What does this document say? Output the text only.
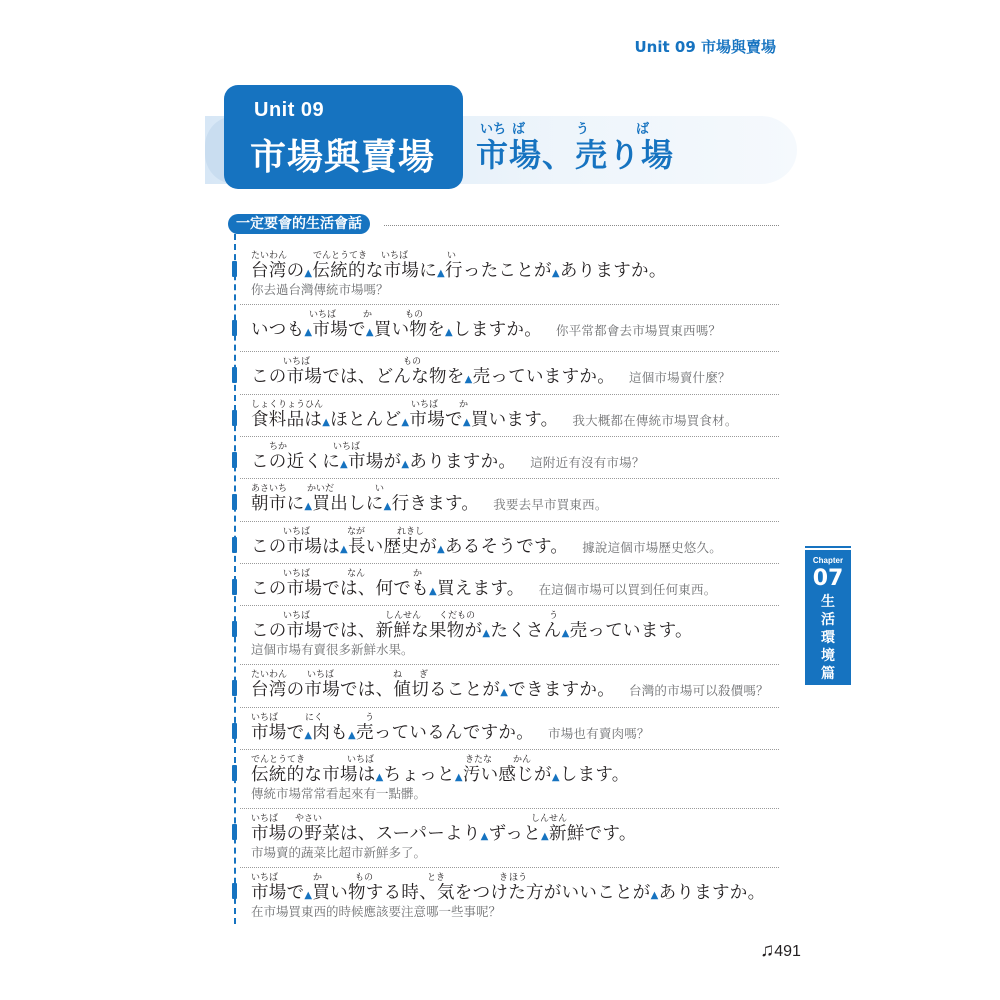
Unit 09 市場與賣場
Unit 09
市場與賣場
いち ば	う	ば
市場、売り場
一定要會的生活會話
たいわん	でんとうてき いちば	い
台湾の▲伝統的な市場に▲行ったことが▲ありますか。
你去過台灣傳統市場嗎？
いちば	か	もの
いつも▲市場で▲買い物を▲しますか。 你平常都會去市場買東西嗎？
いちば	もの
この市場では、どんな物を▲売っていますか。 這個市場賣什麼？
しょくりょうひん	いちば か
食料品は▲ほとんど▲市場で▲買います。 我大概都在傳統市場買食材。
ちか	いちば
この近くに▲市場が▲ありますか。 這附近有沒有市場？
あさいち かいだ	い
朝市に▲買出しに▲行きます。 我要去早市買東西。
いちば	なが	れきし
この市場は▲長い歴史が▲あるそうです。 據說這個市場歷史悠久。
いちば	なん	か
この市場では、何でも▲買えます。 在這個市場可以買到任何東西。
いちば	しんせん くだもの	う
この市場では、新鮮な果物が▲たくさん▲売っています。
這個市場有賣很多新鮮水果。
たいわん いちば	ね ぎ
台湾の市場では、値切ることが▲できますか。 台灣的市場可以殺價嗎？
いちば	にく	う
市場で▲肉も▲売っているんですか。 市場也有賣肉嗎？
でんとうてき	いちば	きたな かん
伝統的な市場は▲ちょっと▲汚い感じが▲します。
傳統市場常常看起來有一點髒。
いちば やさい	しんせん
市場の野菜は、スーパーより▲ずっと▲新鮮です。
市場賣的蔬菜比超市新鮮多了。
いちば	か	もの	とき	き ほう
市場で▲買い物する時、気をつけた方がいいことが▲ありますか。
在市場買東西的時候應該要注意哪一些事呢？
Chapter
07
生活環境篇
♫491
